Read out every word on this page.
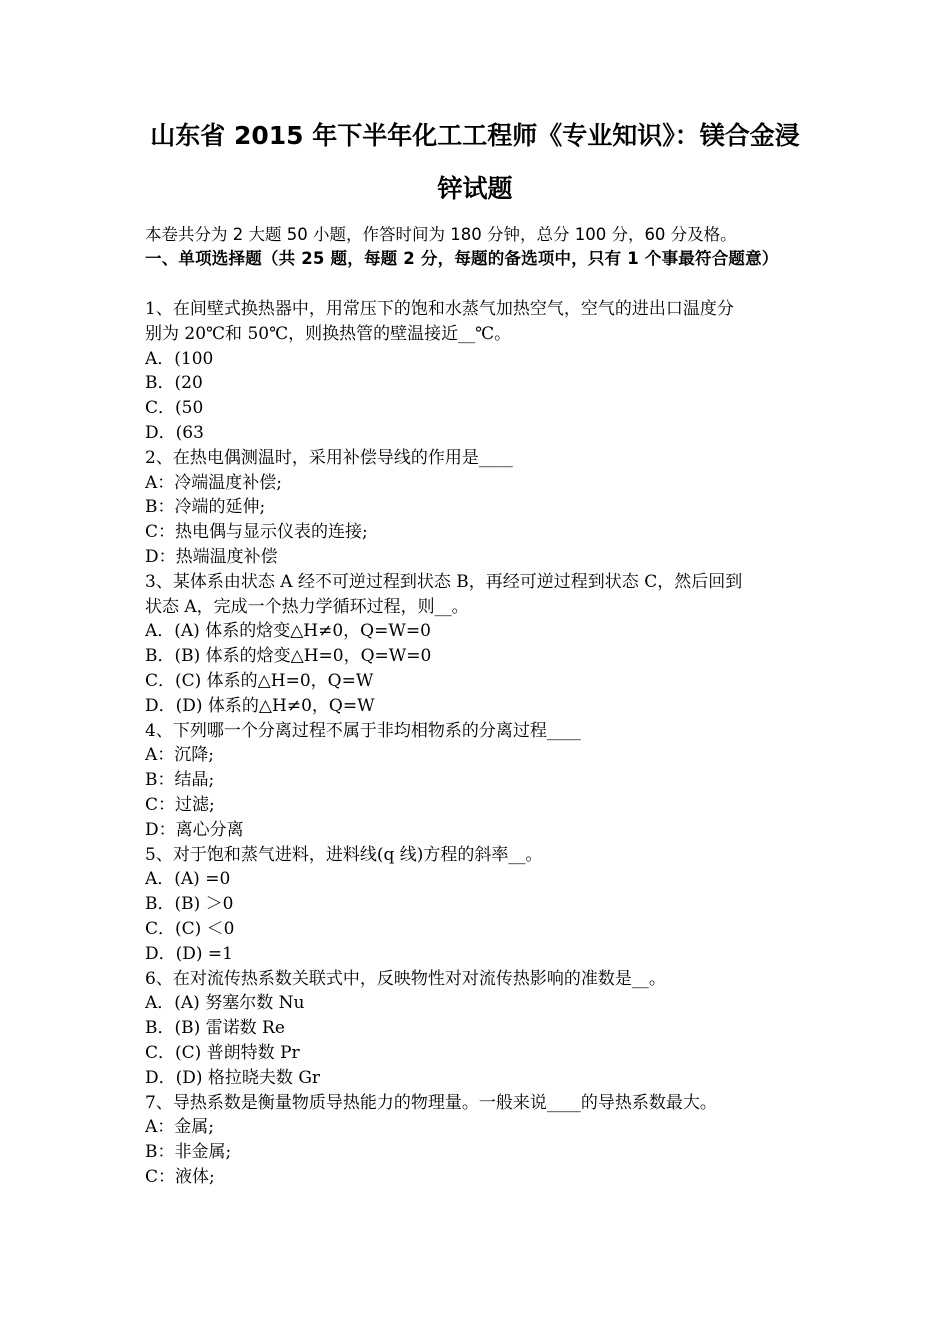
山东省 2015 年下半年化工工程师《专业知识》：镁合金浸
锌试题
本卷共分为 2 大题 50 小题，作答时间为 180 分钟，总分 100 分，60 分及格。
一、单项选择题（共 25 题，每题 2 分，每题的备选项中，只有 1 个事最符合题意）
1、在间壁式换热器中，用常压下的饱和水蒸气加热空气，空气的进出口温度分
别为 20℃和 50℃，则换热管的壁温接近__℃。
A．(100
B．(20
C．(50
D．(63
2、在热电偶测温时，采用补偿导线的作用是____
A：冷端温度补偿;
B：冷端的延伸;
C：热电偶与显示仪表的连接;
D：热端温度补偿
3、某体系由状态 A 经不可逆过程到状态 B，再经可逆过程到状态 C，然后回到
状态 A，完成一个热力学循环过程，则__。
A．(A) 体系的焓变△H≠0，Q=W=0
B．(B) 体系的焓变△H=0，Q=W=0
C．(C) 体系的△H=0，Q=W
D．(D) 体系的△H≠0，Q=W
4、下列哪一个分离过程不属于非均相物系的分离过程____
A：沉降;
B：结晶;
C：过滤;
D：离心分离
5、对于饱和蒸气进料，进料线(q 线)方程的斜率__。
A．(A) =0
B．(B) ＞0
C．(C) ＜0
D．(D) =1
6、在对流传热系数关联式中，反映物性对对流传热影响的准数是__。
A．(A) 努塞尔数 Nu
B．(B) 雷诺数 Re
C．(C) 普朗特数 Pr
D．(D) 格拉晓夫数 Gr
7、导热系数是衡量物质导热能力的物理量。一般来说____的导热系数最大。
A：金属;
B：非金属;
C：液体;
